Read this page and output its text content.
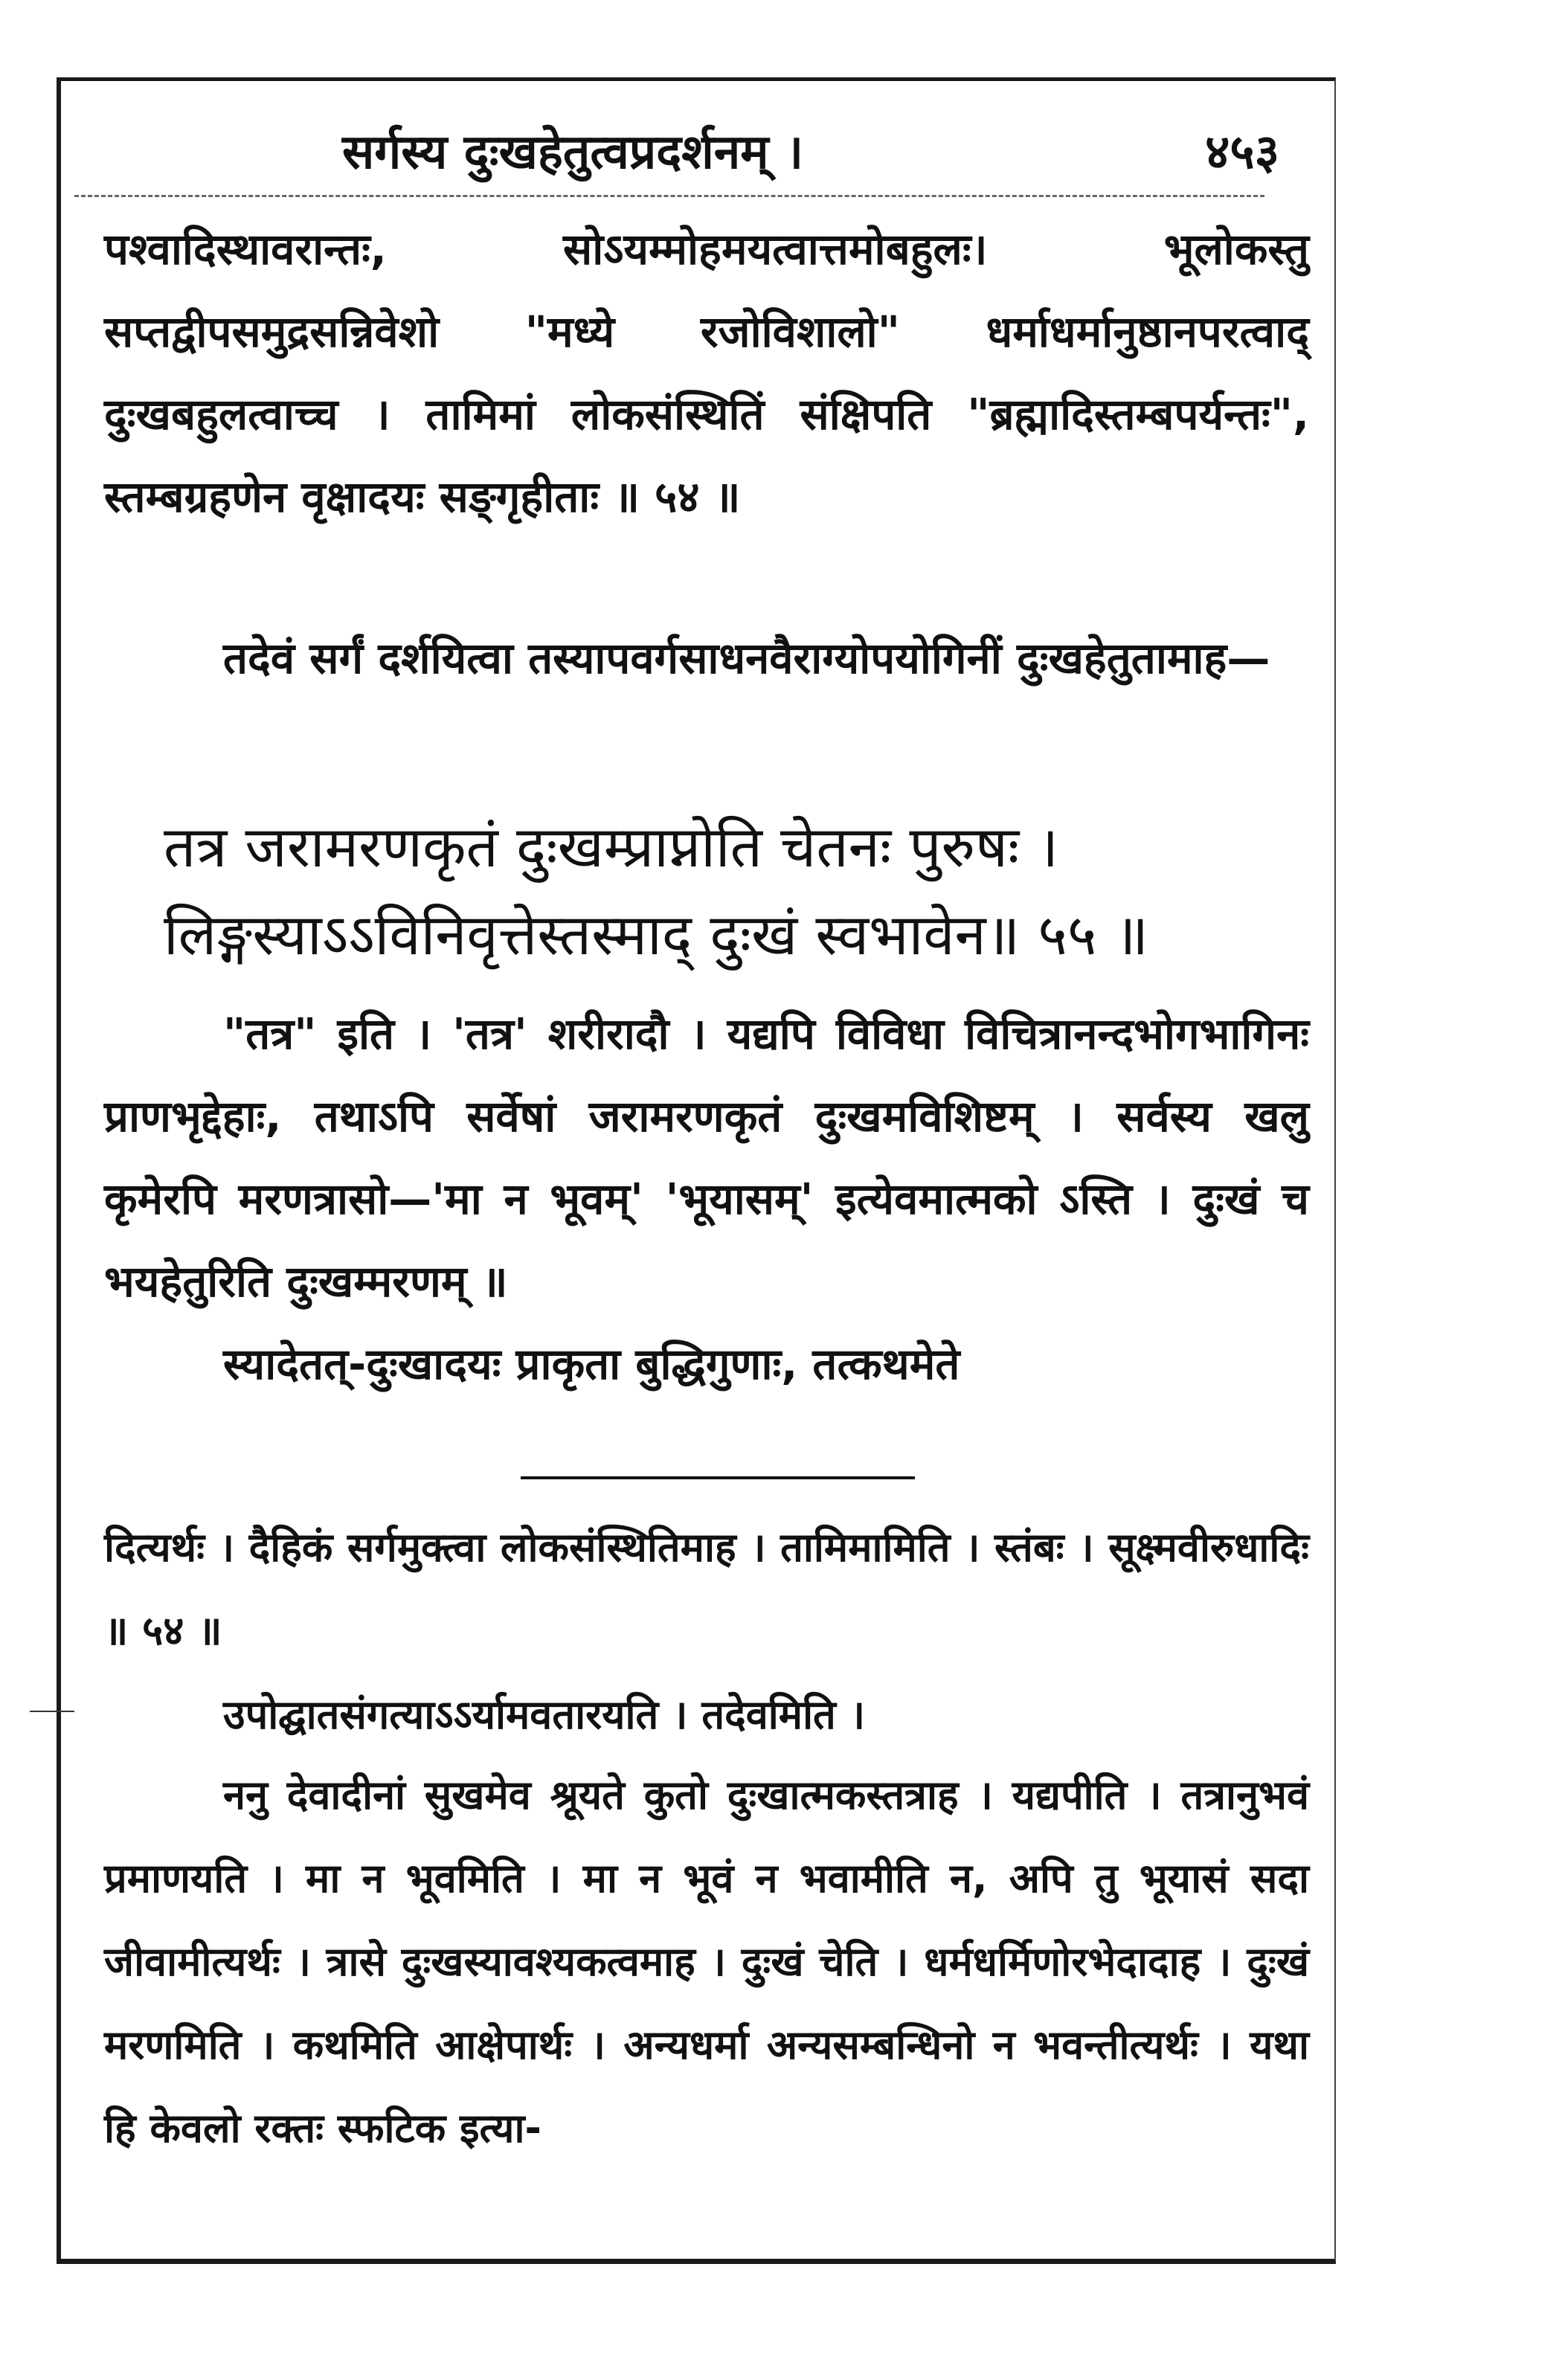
सर्गस्य दुःखहेतुत्वप्रदर्शनम् ।	४५३

पश्वादिस्थावरान्तः, सोऽयम्मोहमयत्वात्तमोबहुलः। भूलोकस्तु सप्तद्वीपसमुद्रसन्निवेशो "मध्ये रजोविशालो" धर्माधर्मानुष्ठानपरत्वाद् दुःखबहुलत्वाच्च । तामिमां लोकसंस्थितिं संक्षिपति "ब्रह्मादिस्तम्बपर्यन्तः", स्तम्बग्रहणेन वृक्षादयः सङ्गृहीताः ॥ ५४ ॥

तदेवं सर्गं दर्शयित्वा तस्यापवर्गसाधनवैराग्योपयोगिनीं दुःखहेतुतामाह—

तत्र जरामरणकृतं दुःखम्प्राप्नोति चेतनः पुरुषः ।

लिङ्गस्याऽऽविनिवृत्तेस्तस्माद् दुःखं स्वभावेन॥ ५५ ॥

"तत्र" इति । 'तत्र' शरीरादौ । यद्यपि विविधा विचित्रानन्दभोगभागिनः प्राणभृद्देहाः, तथाऽपि सर्वेषां जरामरणकृतं दुःखमविशिष्टम् । सर्वस्य खलु कृमेरपि मरणत्रासो—'मा न भूवम्' 'भूयासम्' इत्येवमात्मको ऽस्ति । दुःखं च भयहेतुरिति दुःखम्मरणम् ॥

स्यादेतत्-दुःखादयः प्राकृता बुद्धिगुणाः, तत्कथमेते

दित्यर्थः । दैहिकं सर्गमुक्त्वा लोकसंस्थितिमाह । तामिमामिति । स्तंबः । सूक्ष्मवीरुधादिः ॥ ५४ ॥

उपोद्घातसंगत्याऽऽर्यामवतारयति । तदेवमिति ।

ननु देवादीनां सुखमेव श्रूयते कुतो दुःखात्मकस्तत्राह । यद्यपीति । तत्रानुभवं प्रमाणयति । मा न भूवमिति । मा न भूवं न भवामीति न, अपि तु भूयासं सदा जीवामीत्यर्थः । त्रासे दुःखस्यावश्यकत्वमाह । दुःखं चेति । धर्मधर्मिणोरभेदादाह । दुःखं मरणमिति । कथमिति आक्षेपार्थः । अन्यधर्मा अन्यसम्बन्धिनो न भवन्तीत्यर्थः । यथा हि केवलो रक्तः स्फटिक इत्या-
